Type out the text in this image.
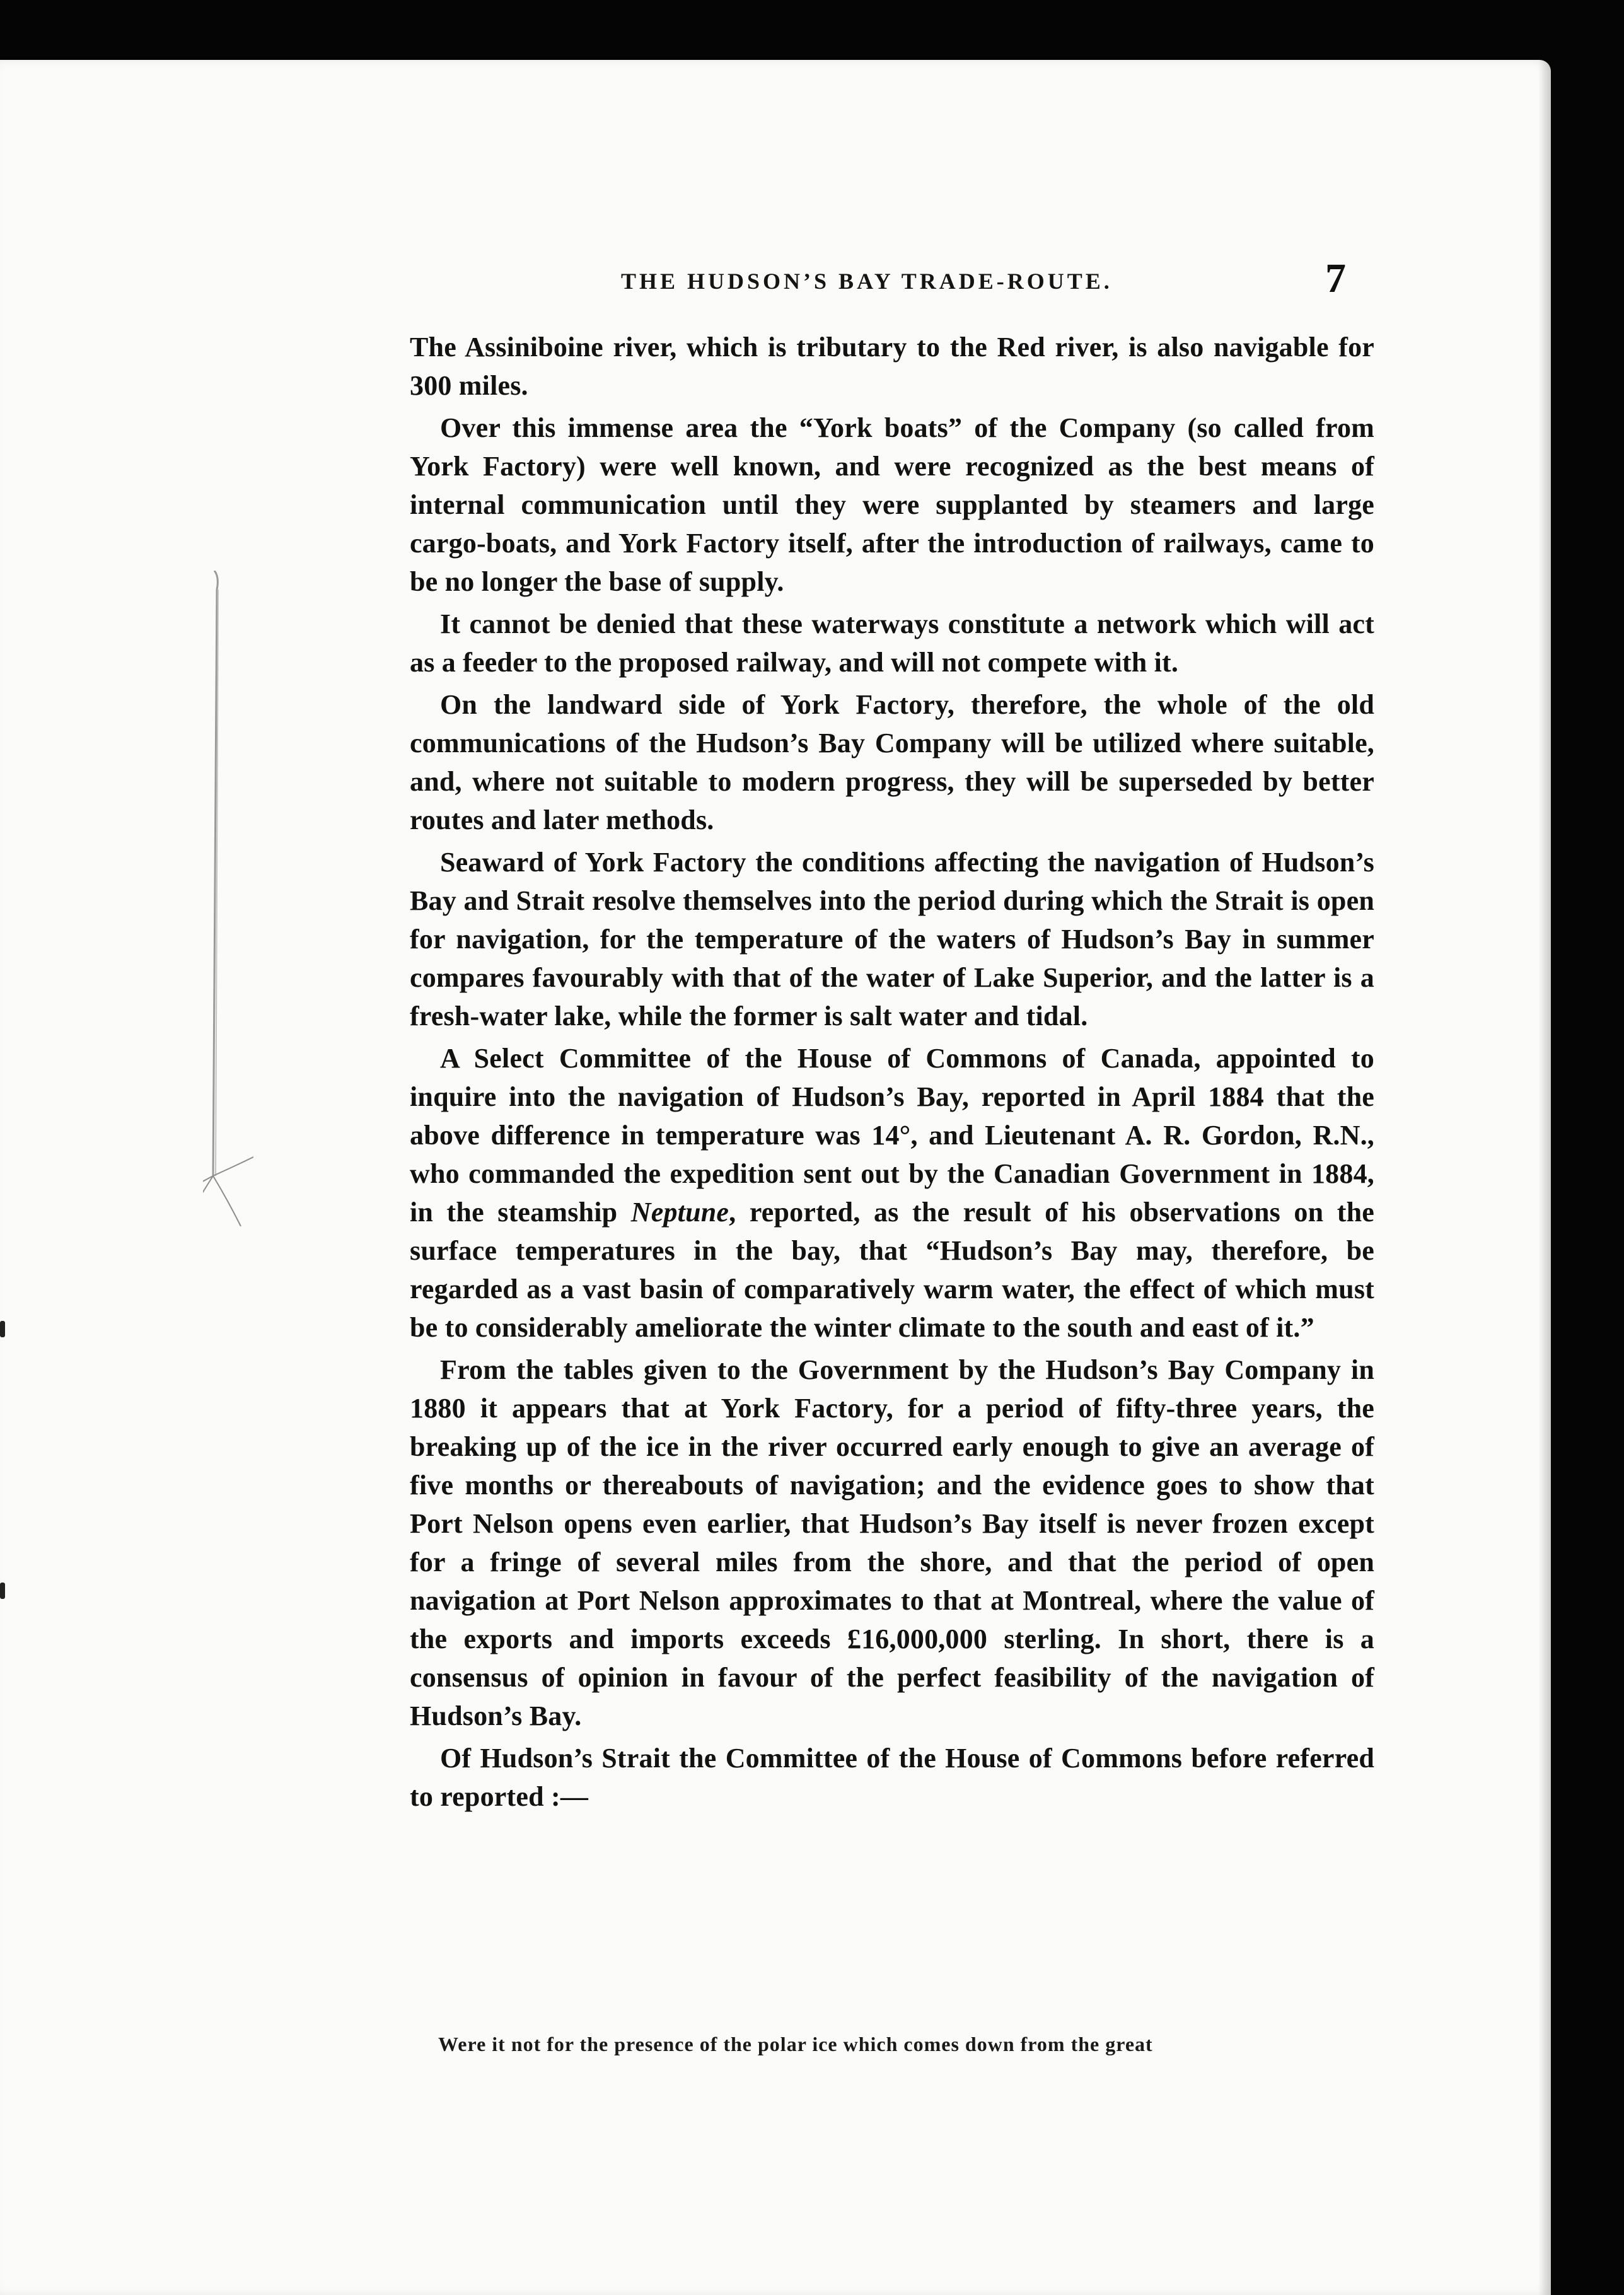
THE HUDSON’S BAY TRADE-ROUTE.	7

The Assiniboine river, which is tributary to the Red river, is also navigable for 300 miles.

Over this immense area the “York boats” of the Company (so called from York Factory) were well known, and were recognized as the best means of internal communication until they were supplanted by steamers and large cargo-boats, and York Factory itself, after the introduction of railways, came to be no longer the base of supply.

It cannot be denied that these waterways constitute a network which will act as a feeder to the proposed railway, and will not compete with it.

On the landward side of York Factory, therefore, the whole of the old communications of the Hudson’s Bay Company will be utilized where suitable, and, where not suitable to modern progress, they will be superseded by better routes and later methods.

Seaward of York Factory the conditions affecting the navigation of Hudson’s Bay and Strait resolve themselves into the period during which the Strait is open for navigation, for the temperature of the waters of Hudson’s Bay in summer compares favourably with that of the water of Lake Superior, and the latter is a fresh-water lake, while the former is salt water and tidal.

A Select Committee of the House of Commons of Canada, appointed to inquire into the navigation of Hudson’s Bay, reported in April 1884 that the above difference in temperature was 14°, and Lieutenant A. R. Gordon, R.N., who commanded the expedition sent out by the Canadian Government in 1884, in the steamship Neptune, reported, as the result of his observations on the surface temperatures in the bay, that “Hudson’s Bay may, therefore, be regarded as a vast basin of comparatively warm water, the effect of which must be to considerably ameliorate the winter climate to the south and east of it.”

From the tables given to the Government by the Hudson’s Bay Company in 1880 it appears that at York Factory, for a period of fifty-three years, the breaking up of the ice in the river occurred early enough to give an average of five months or thereabouts of navigation; and the evidence goes to show that Port Nelson opens even earlier, that Hudson’s Bay itself is never frozen except for a fringe of several miles from the shore, and that the period of open navigation at Port Nelson approximates to that at Montreal, where the value of the exports and imports exceeds £16,000,000 sterling. In short, there is a consensus of opinion in favour of the perfect feasibility of the navigation of Hudson’s Bay.

Of Hudson’s Strait the Committee of the House of Commons before referred to reported :—

Were it not for the presence of the polar ice which comes down from the great
